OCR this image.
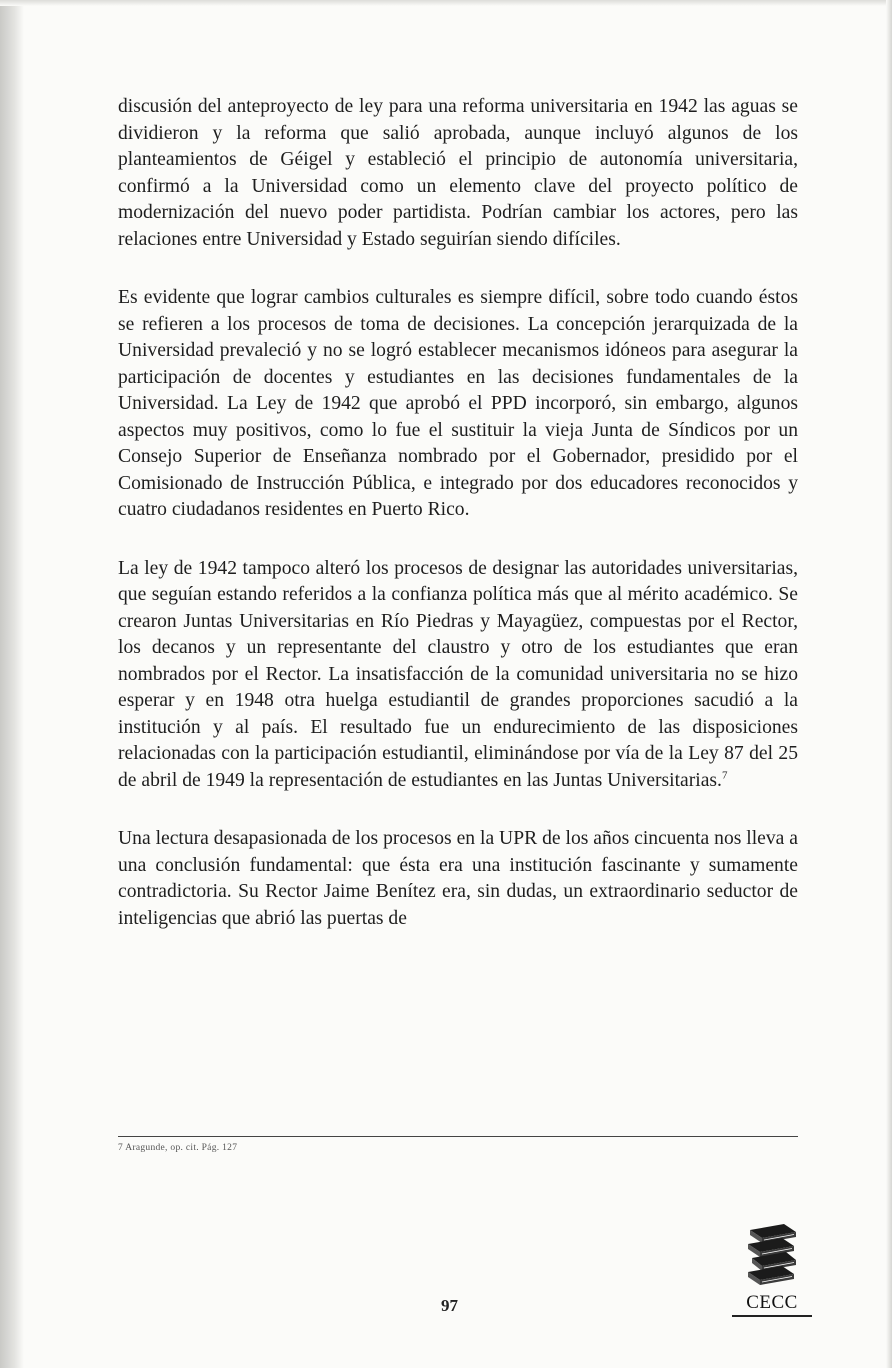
discusión del anteproyecto de ley para una reforma universitaria en 1942 las aguas se dividieron y la reforma que salió aprobada, aunque incluyó algunos de los planteamientos de Géigel y estableció el principio de autonomía universitaria, confirmó a la Universidad como un elemento clave del proyecto político de modernización del nuevo poder partidista. Podrían cambiar los actores, pero las relaciones entre Universidad y Estado seguirían siendo difíciles.

Es evidente que lograr cambios culturales es siempre difícil, sobre todo cuando éstos se refieren a los procesos de toma de decisiones. La concepción jerarquizada de la Universidad prevaleció y no se logró establecer mecanismos idóneos para asegurar la participación de docentes y estudiantes en las decisiones fundamentales de la Universidad. La Ley de 1942 que aprobó el PPD incorporó, sin embargo, algunos aspectos muy positivos, como lo fue el sustituir la vieja Junta de Síndicos por un Consejo Superior de Enseñanza nombrado por el Gobernador, presidido por el Comisionado de Instrucción Pública, e integrado por dos educadores reconocidos y cuatro ciudadanos residentes en Puerto Rico.

La ley de 1942 tampoco alteró los procesos de designar las autoridades universitarias, que seguían estando referidos a la confianza política más que al mérito académico. Se crearon Juntas Universitarias en Río Piedras y Mayagüez, compuestas por el Rector, los decanos y un representante del claustro y otro de los estudiantes que eran nombrados por el Rector. La insatisfacción de la comunidad universitaria no se hizo esperar y en 1948 otra huelga estudiantil de grandes proporciones sacudió a la institución y al país. El resultado fue un endurecimiento de las disposiciones relacionadas con la participación estudiantil, eliminándose por vía de la Ley 87 del 25 de abril de 1949 la representación de estudiantes en las Juntas Universitarias.$^7$

Una lectura desapasionada de los procesos en la UPR de los años cincuenta nos lleva a una conclusión fundamental: que ésta era una institución fascinante y sumamente contradictoria. Su Rector Jaime Benítez era, sin dudas, un extraordinario seductor de inteligencias que abrió las puertas de

7 Aragunde, op. cit. Pág. 127
97	CECC
